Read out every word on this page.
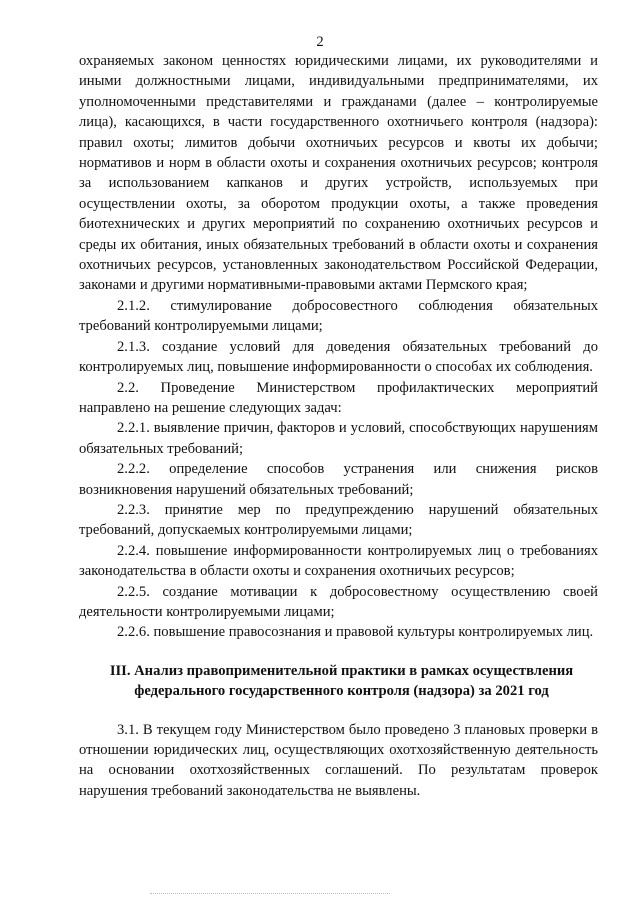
2

охраняемых законом ценностях юридическими лицами, их руководителями и иными должностными лицами, индивидуальными предпринимателями, их уполномоченными представителями и гражданами (далее – контролируемые лица), касающихся, в части государственного охотничьего контроля (надзора): правил охоты; лимитов добычи охотничьих ресурсов и квоты их добычи; нормативов и норм в области охоты и сохранения охотничьих ресурсов; контроля за использованием капканов и других устройств, используемых при осуществлении охоты, за оборотом продукции охоты, а также проведения биотехнических и других мероприятий по сохранению охотничьих ресурсов и среды их обитания, иных обязательных требований в области охоты и сохранения охотничьих ресурсов, установленных законодательством Российской Федерации, законами и другими нормативными-правовыми актами Пермского края;

2.1.2. стимулирование добросовестного соблюдения обязательных требований контролируемыми лицами;

2.1.3. создание условий для доведения обязательных требований до контролируемых лиц, повышение информированности о способах их соблюдения.

2.2. Проведение Министерством профилактических мероприятий направлено на решение следующих задач:

2.2.1. выявление причин, факторов и условий, способствующих нарушениям обязательных требований;

2.2.2. определение способов устранения или снижения рисков возникновения нарушений обязательных требований;

2.2.3. принятие мер по предупреждению нарушений обязательных требований, допускаемых контролируемыми лицами;

2.2.4. повышение информированности контролируемых лиц о требованиях законодательства в области охоты и сохранения охотничьих ресурсов;

2.2.5. создание мотивации к добросовестному осуществлению своей деятельности контролируемыми лицами;

2.2.6. повышение правосознания и правовой культуры контролируемых лиц.

III. Анализ правоприменительной практики в рамках осуществления
федерального государственного контроля (надзора) за 2021 год

3.1. В текущем году Министерством было проведено 3 плановых проверки в отношении юридических лиц, осуществляющих охотхозяйственную деятельность на основании охотхозяйственных соглашений. По результатам проверок нарушения требований законодательства не выявлены.
